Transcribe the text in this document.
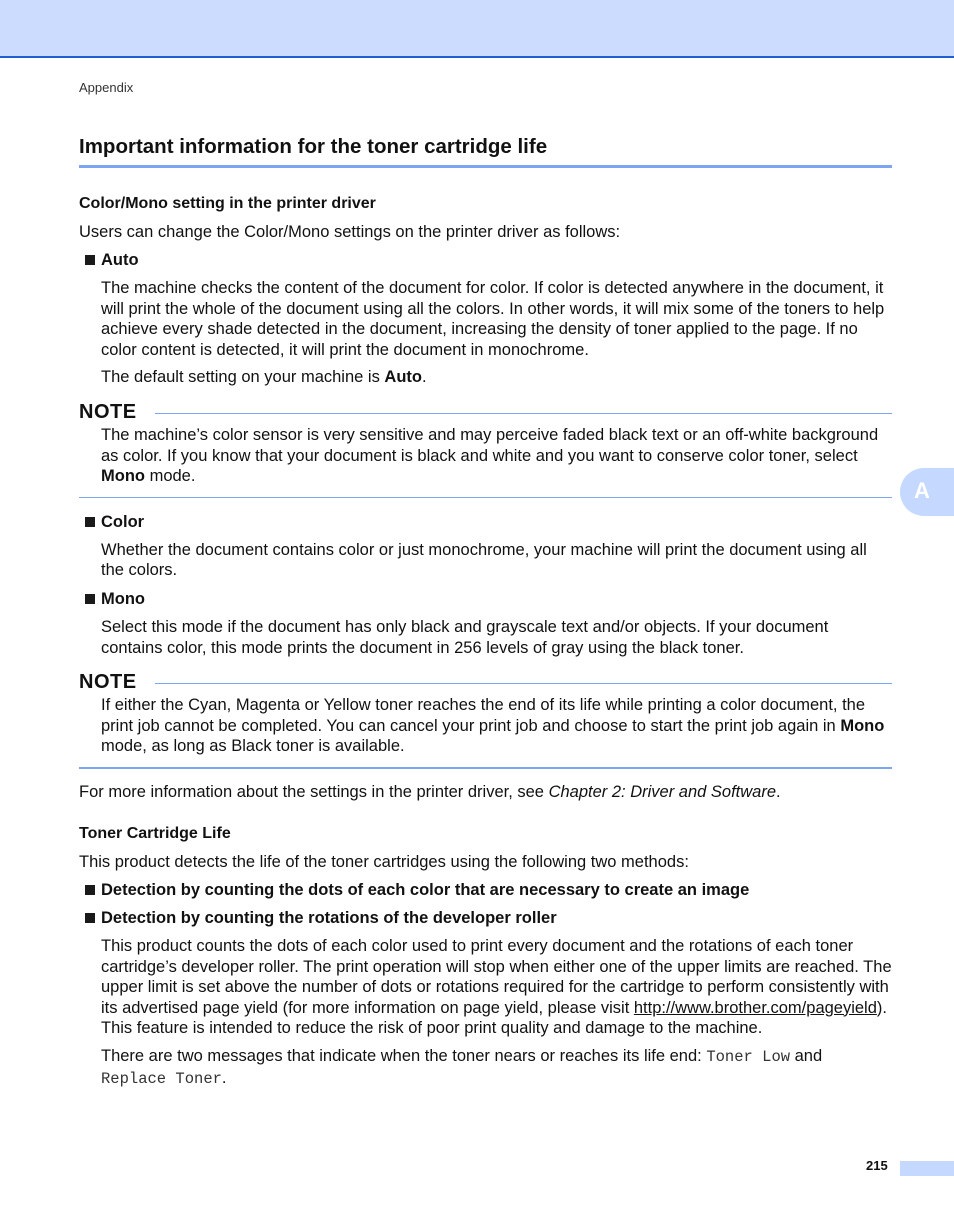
Appendix
A
Important information for the toner cartridge life
Color/Mono setting in the printer driver

Users can change the Color/Mono settings on the printer driver as follows:

Auto

The machine checks the content of the document for color. If color is detected anywhere in the document, it will print the whole of the document using all the colors. In other words, it will mix some of the toners to help achieve every shade detected in the document, increasing the density of toner applied to the page. If no color content is detected, it will print the document in monochrome.

The default setting on your machine is Auto.

NOTE

The machine’s color sensor is very sensitive and may perceive faded black text or an off-white background as color. If you know that your document is black and white and you want to conserve color toner, select Mono mode.

Color

Whether the document contains color or just monochrome, your machine will print the document using all the colors.

Mono

Select this mode if the document has only black and grayscale text and/or objects. If your document contains color, this mode prints the document in 256 levels of gray using the black toner.

NOTE

If either the Cyan, Magenta or Yellow toner reaches the end of its life while printing a color document, the print job cannot be completed. You can cancel your print job and choose to start the print job again in Mono mode, as long as Black toner is available.

For more information about the settings in the printer driver, see Chapter 2: Driver and Software.

Toner Cartridge Life

This product detects the life of the toner cartridges using the following two methods:

Detection by counting the dots of each color that are necessary to create an image
Detection by counting the rotations of the developer roller

This product counts the dots of each color used to print every document and the rotations of each toner cartridge’s developer roller. The print operation will stop when either one of the upper limits are reached. The upper limit is set above the number of dots or rotations required for the cartridge to perform consistently with its advertised page yield (for more information on page yield, please visit http://www.brother.com/pageyield). This feature is intended to reduce the risk of poor print quality and damage to the machine.

There are two messages that indicate when the toner nears or reaches its life end: Toner Low and
Replace Toner.

215
